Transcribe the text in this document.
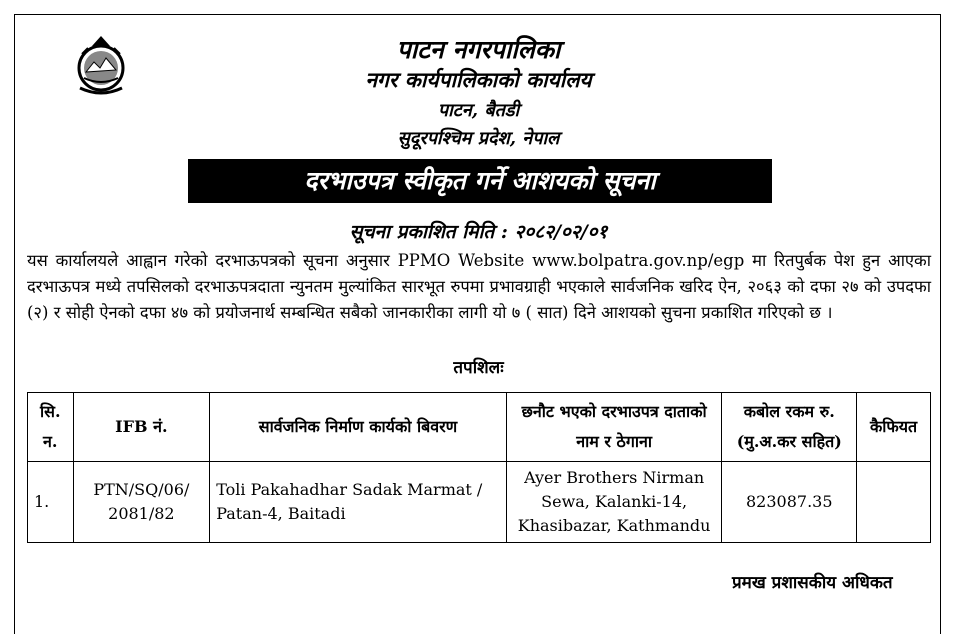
पाटन नगरपालिका
नगर कार्यपालिकाको कार्यालय
पाटन, बैतडी
सुदूरपश्चिम प्रदेश, नेपाल
दरभाउपत्र स्वीकृत गर्ने आशयको सूचना
सूचना प्रकाशित मिति : २०८२/०२/०१
यस कार्यालयले आह्वान गरेको दरभाऊपत्रको सूचना अनुसार PPMO Website www.bolpatra.gov.np/egp मा रितपुर्बक पेश हुन आएका दरभाऊपत्र मध्ये तपसिलको दरभाऊपत्रदाता न्युनतम मुल्यांकित सारभूत रुपमा प्रभावग्राही भएकाले सार्वजनिक खरिद ऐन, २०६३ को दफा २७ को उपदफा (२) र सोही ऐनको दफा ४७ को प्रयोजनार्थ सम्बन्धित सबैको जानकारीका लागी यो ७ ( सात) दिने आशयको सुचना प्रकाशित गरिएको छ ।
तपशिलः
सि. न.	IFB नं.	सार्वजनिक निर्माण कार्यको बिवरण	छनौट भएको दरभाउपत्र दाताको नाम र ठेगाना	कबोल रकम रु. (मु.अ.कर सहित)	कैफियत
1.	PTN/SQ/06/ 2081/82	Toli Pakahadhar Sadak Marmat / Patan-4, Baitadi	Ayer Brothers Nirman Sewa, Kalanki-14, Khasibazar, Kathmandu	823087.35	
प्रमख प्रशासकीय अधिकत
